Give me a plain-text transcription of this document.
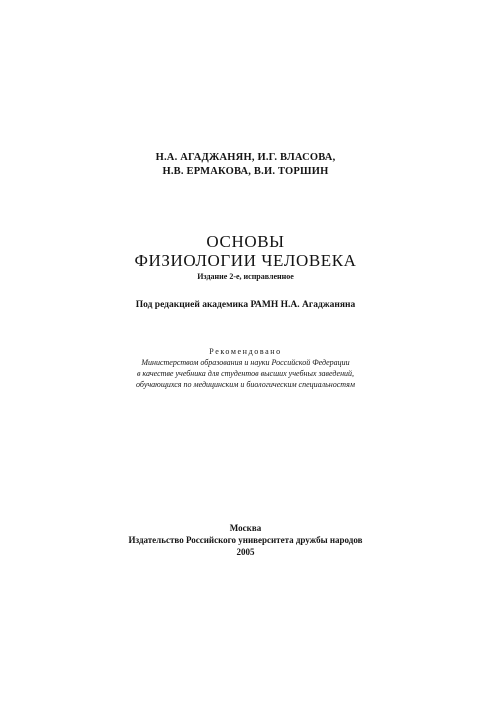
Н.А. АГАДЖАНЯН, И.Г. ВЛАСОВА,

Н.В. ЕРМАКОВА, В.И. ТОРШИН

ОСНОВЫ

ФИЗИОЛОГИИ ЧЕЛОВЕКА

Издание 2-е, исправленное

Под редакцией академика РАМН Н.А. Агаджаняна

Рекомендовано

Министерством образования и науки Российской Федерации

в качестве учебника для студентов высших учебных заведений,

обучающихся по медицинским и биологическим специальностям

Москва

Издательство Российского университета дружбы народов

2005
